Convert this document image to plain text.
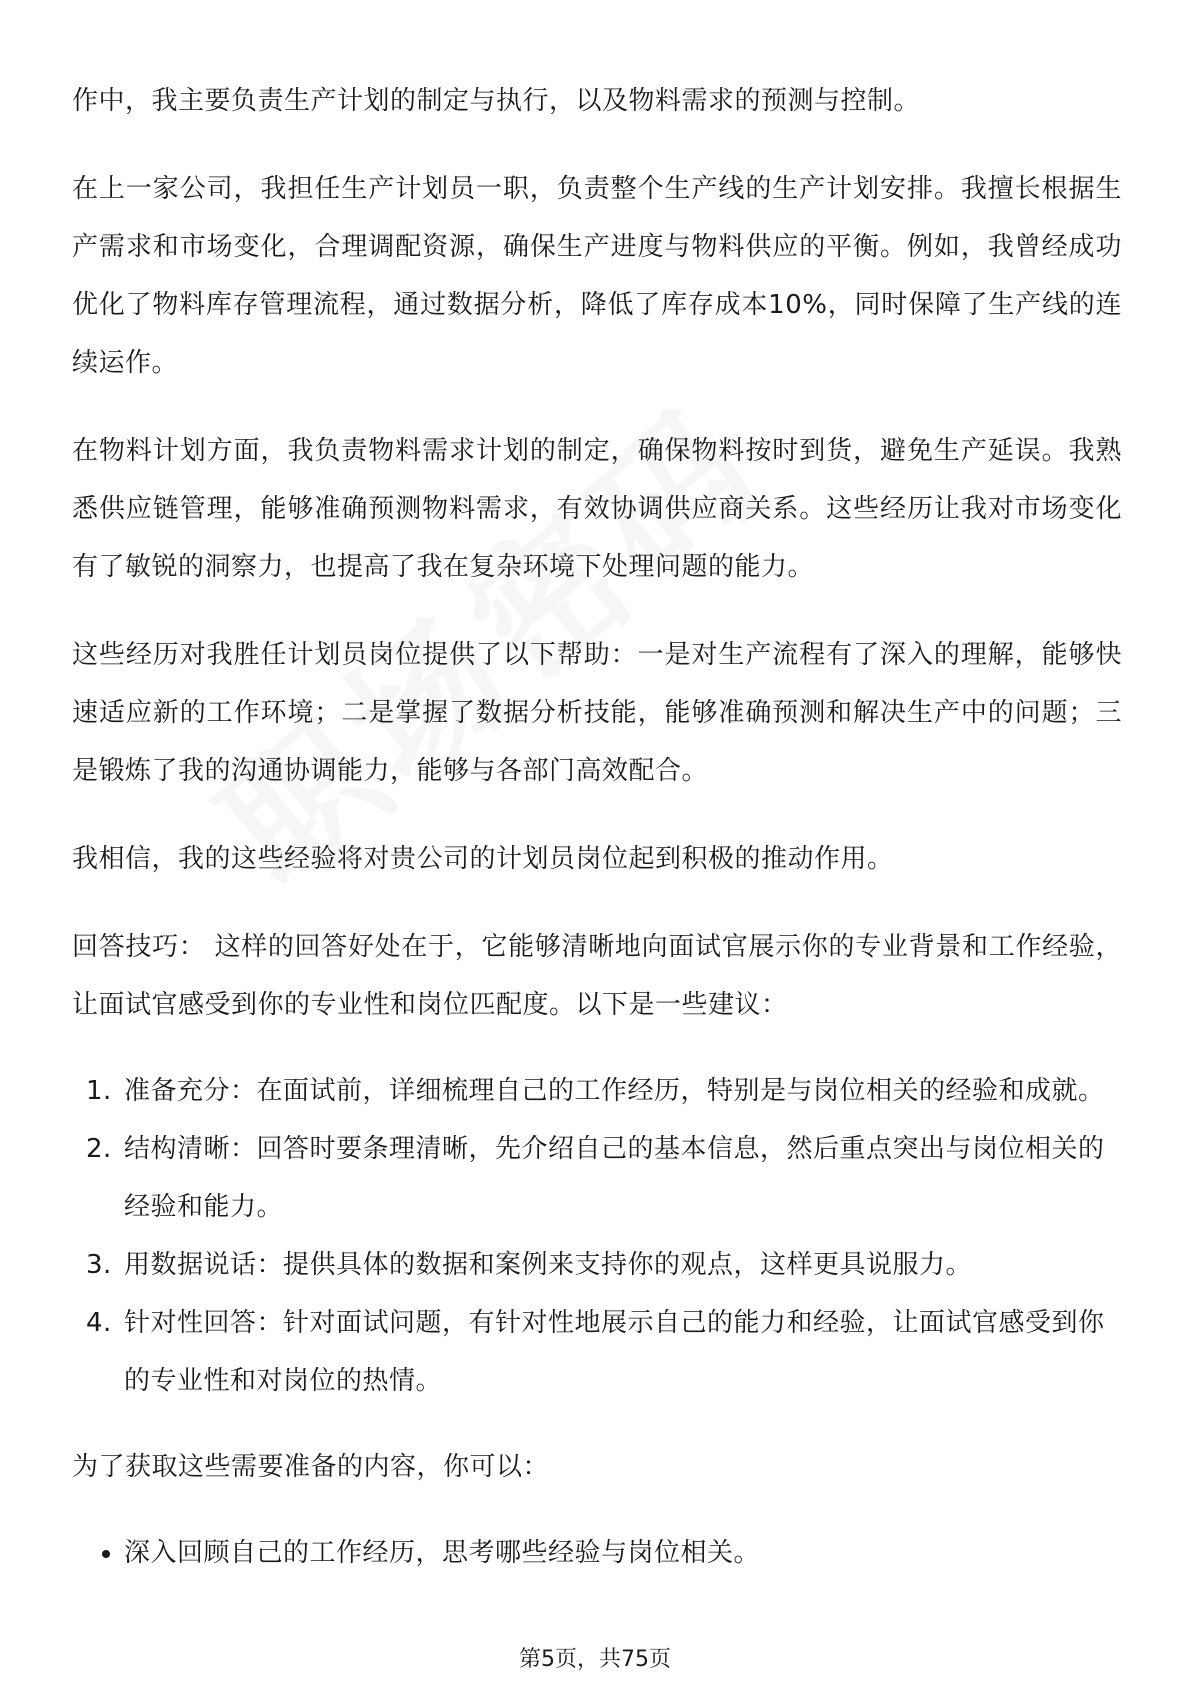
作中，我主要负责生产计划的制定与执行，以及物料需求的预测与控制。

在上一家公司，我担任生产计划员一职，负责整个生产线的生产计划安排。我擅长根据生产需求和市场变化，合理调配资源，确保生产进度与物料供应的平衡。例如，我曾经成功优化了物料库存管理流程，通过数据分析，降低了库存成本10%，同时保障了生产线的连续运作。

在物料计划方面，我负责物料需求计划的制定，确保物料按时到货，避免生产延误。我熟悉供应链管理，能够准确预测物料需求，有效协调供应商关系。这些经历让我对市场变化有了敏锐的洞察力，也提高了我在复杂环境下处理问题的能力。

这些经历对我胜任计划员岗位提供了以下帮助：一是对生产流程有了深入的理解，能够快速适应新的工作环境；二是掌握了数据分析技能，能够准确预测和解决生产中的问题；三是锻炼了我的沟通协调能力，能够与各部门高效配合。

我相信，我的这些经验将对贵公司的计划员岗位起到积极的推动作用。

回答技巧： 这样的回答好处在于，它能够清晰地向面试官展示你的专业背景和工作经验，让面试官感受到你的专业性和岗位匹配度。以下是一些建议：

1. 准备充分：在面试前，详细梳理自己的工作经历，特别是与岗位相关的经验和成就。
2. 结构清晰：回答时要条理清晰，先介绍自己的基本信息，然后重点突出与岗位相关的经验和能力。
3. 用数据说话：提供具体的数据和案例来支持你的观点，这样更具说服力。
4. 针对性回答：针对面试问题，有针对性地展示自己的能力和经验，让面试官感受到你的专业性和对岗位的热情。

为了获取这些需要准备的内容，你可以：

深入回顾自己的工作经历，思考哪些经验与岗位相关。
第5页，共75页
